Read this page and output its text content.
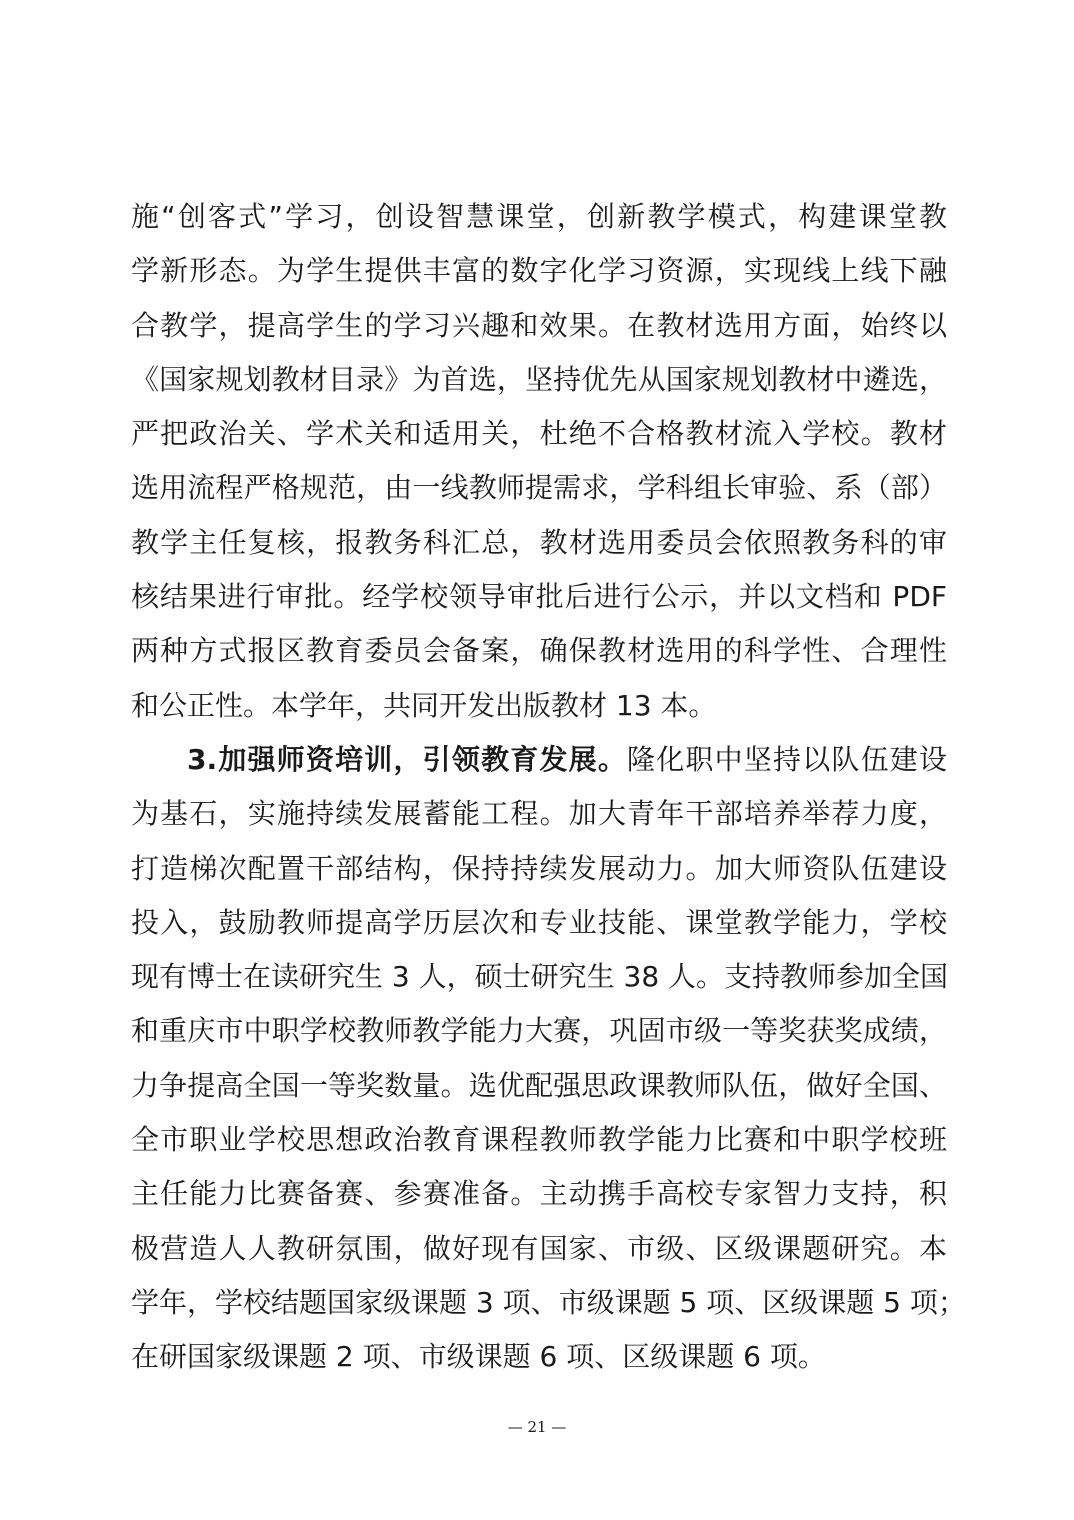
施“创客式”学习，创设智慧课堂，创新教学模式，构建课堂教
学新形态。为学生提供丰富的数字化学习资源，实现线上线下融
合教学，提高学生的学习兴趣和效果。在教材选用方面，始终以
《国家规划教材目录》为首选，坚持优先从国家规划教材中遴选，
严把政治关、学术关和适用关，杜绝不合格教材流入学校。教材
选用流程严格规范，由一线教师提需求，学科组长审验、系（部）
教学主任复核，报教务科汇总，教材选用委员会依照教务科的审
核结果进行审批。经学校领导审批后进行公示，并以文档和 PDF
两种方式报区教育委员会备案，确保教材选用的科学性、合理性
和公正性。本学年，共同开发出版教材 13 本。
3.加强师资培训，引领教育发展。隆化职中坚持以队伍建设
为基石，实施持续发展蓄能工程。加大青年干部培养举荐力度，
打造梯次配置干部结构，保持持续发展动力。加大师资队伍建设
投入，鼓励教师提高学历层次和专业技能、课堂教学能力，学校
现有博士在读研究生 3 人，硕士研究生 38 人。支持教师参加全国
和重庆市中职学校教师教学能力大赛，巩固市级一等奖获奖成绩，
力争提高全国一等奖数量。选优配强思政课教师队伍，做好全国、
全市职业学校思想政治教育课程教师教学能力比赛和中职学校班
主任能力比赛备赛、参赛准备。主动携手高校专家智力支持，积
极营造人人教研氛围，做好现有国家、市级、区级课题研究。本
学年，学校结题国家级课题 3 项、市级课题 5 项、区级课题 5 项；
在研国家级课题 2 项、市级课题 6 项、区级课题 6 项。
— 21 —
